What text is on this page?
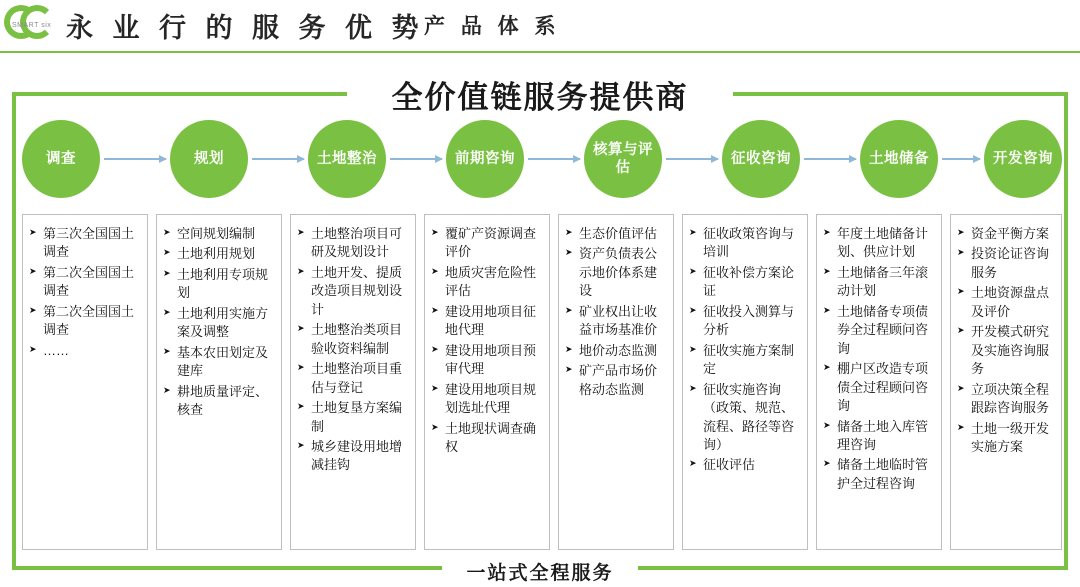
SMART six 永 业 行 的 服 务 优 势 产 品 体 系
全价值链服务提供商
一站式全程服务
调查	规划	土地整治	前期咨询
核算与评估
征收咨询	土地储备	开发咨询
➤ 第三次全国国土调查
➤ 第二次全国国土调查
➤ 第二次全国国土调查
➤ ……
➤ 空间规划编制
➤ 土地利用规划
➤ 土地利用专项规划
➤ 土地利用实施方案及调整
➤ 基本农田划定及建库
➤ 耕地质量评定、核查
➤ 土地整治项目可研及规划设计
➤ 土地开发、提质改造项目规划设计
➤ 土地整治类项目验收资料编制
➤ 土地整治项目重估与登记
➤ 土地复垦方案编制
➤ 城乡建设用地增减挂钩
➤ 覆矿产资源调查评价
➤ 地质灾害危险性评估
➤ 建设用地项目征地代理
➤ 建设用地项目预审代理
➤ 建设用地项目规划选址代理
➤ 土地现状调查确权
➤ 生态价值评估
➤ 资产负债表公示地价体系建设
➤ 矿业权出让收益市场基准价
➤ 地价动态监测
➤ 矿产品市场价格动态监测
➤ 征收政策咨询与培训
➤ 征收补偿方案论证
➤ 征收投入测算与分析
➤ 征收实施方案制定
➤ 征收实施咨询（政策、规范、流程、路径等咨询）
➤ 征收评估
➤ 年度土地储备计划、供应计划
➤ 土地储备三年滚动计划
➤ 土地储备专项债券全过程顾问咨询
➤ 棚户区改造专项债全过程顾问咨询
➤ 储备土地入库管理咨询
➤ 储备土地临时管护全过程咨询
➤ 资金平衡方案
➤ 投资论证咨询服务
➤ 土地资源盘点及评价
➤ 开发模式研究及实施咨询服务
➤ 立项决策全程跟踪咨询服务
➤ 土地一级开发实施方案
